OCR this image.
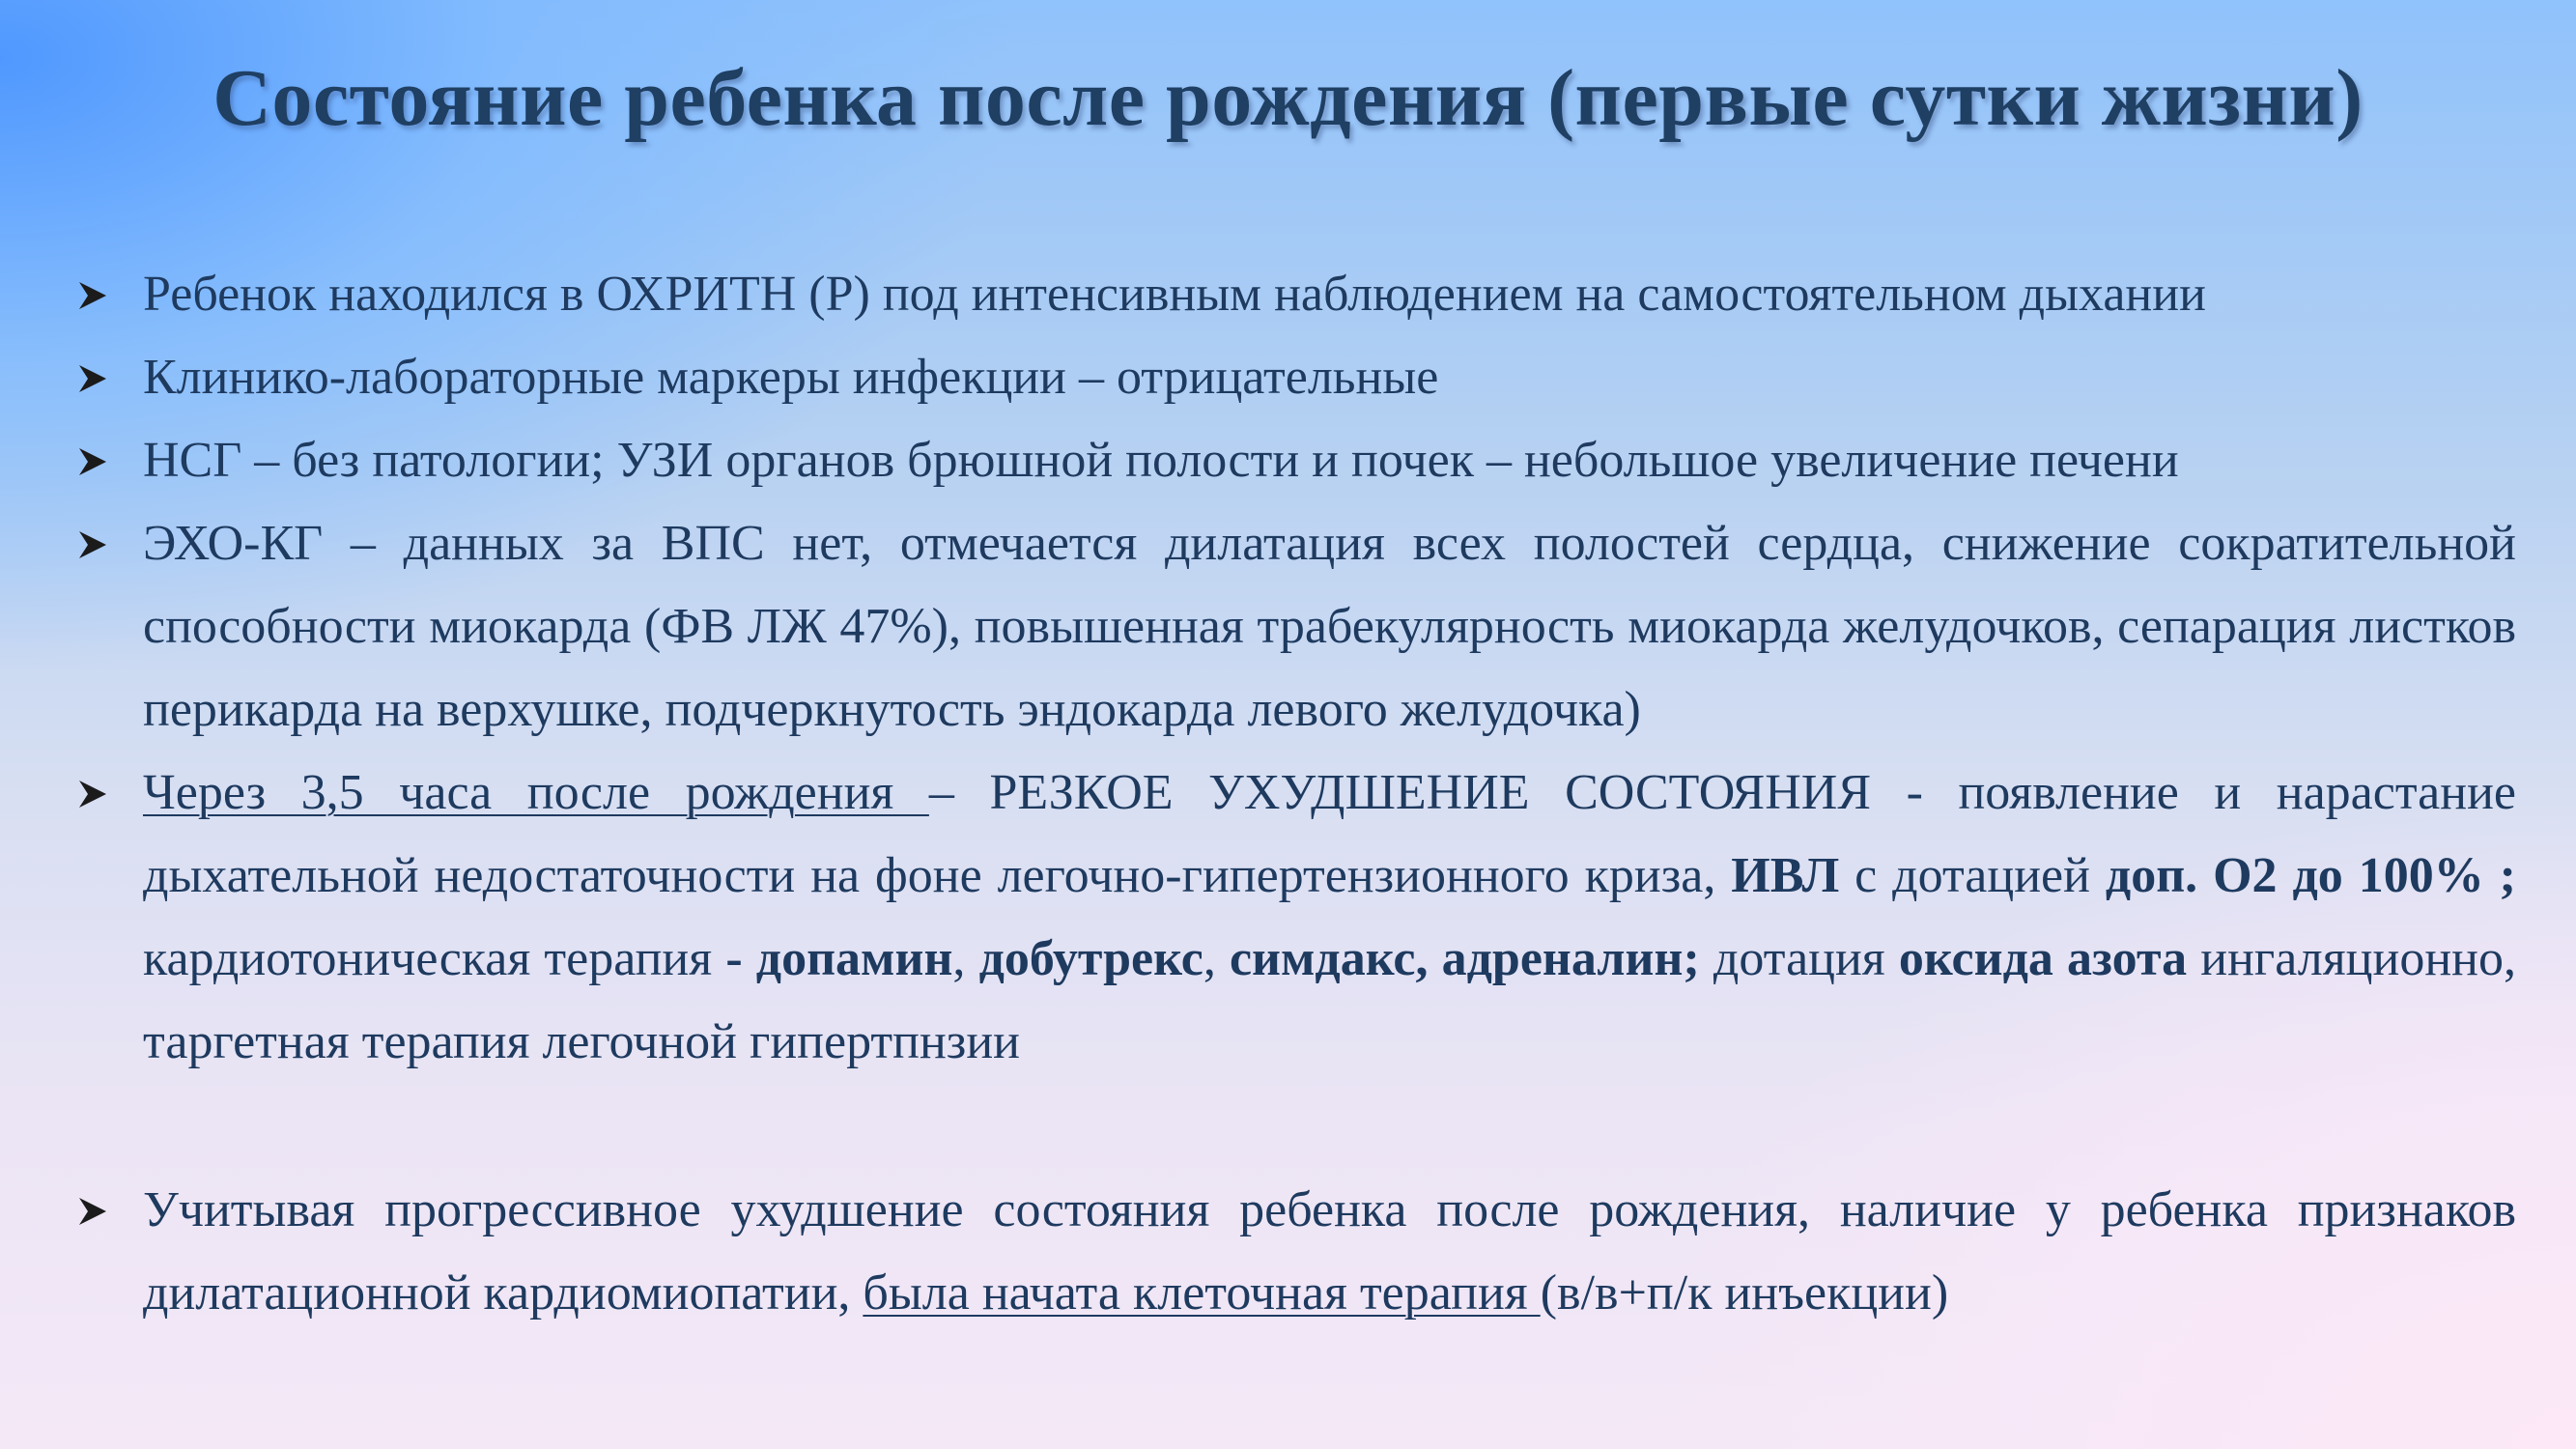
Состояние ребенка после рождения (первые сутки жизни)
Ребенок находился в ОХРИТН (Р) под интенсивным наблюдением на самостоятельном дыхании
Клинико-лабораторные маркеры инфекции – отрицательные
НСГ – без патологии; УЗИ органов брюшной полости и почек – небольшое увеличение печени
ЭХО-КГ – данных за ВПС нет, отмечается дилатация всех полостей сердца, снижение сократительной способности миокарда (ФВ ЛЖ 47%), повышенная трабекулярность миокарда желудочков, сепарация листков перикарда на верхушке, подчеркнутость эндокарда левого желудочка)
Через 3,5 часа после рождения – РЕЗКОЕ УХУДШЕНИЕ СОСТОЯНИЯ - появление и нарастание дыхательной недостаточности на фоне легочно-гипертензионного криза, ИВЛ с дотацией доп. О2 до 100% ; кардиотоническая терапия - допамин, добутрекс, симдакс, адреналин; дотация оксида азота ингаляционно, таргетная терапия легочной гипертпнзии
Учитывая прогрессивное ухудшение состояния ребенка после рождения, наличие у ребенка признаков дилатационной кардиомиопатии, была начата клеточная терапия (в/в+п/к инъекции)
